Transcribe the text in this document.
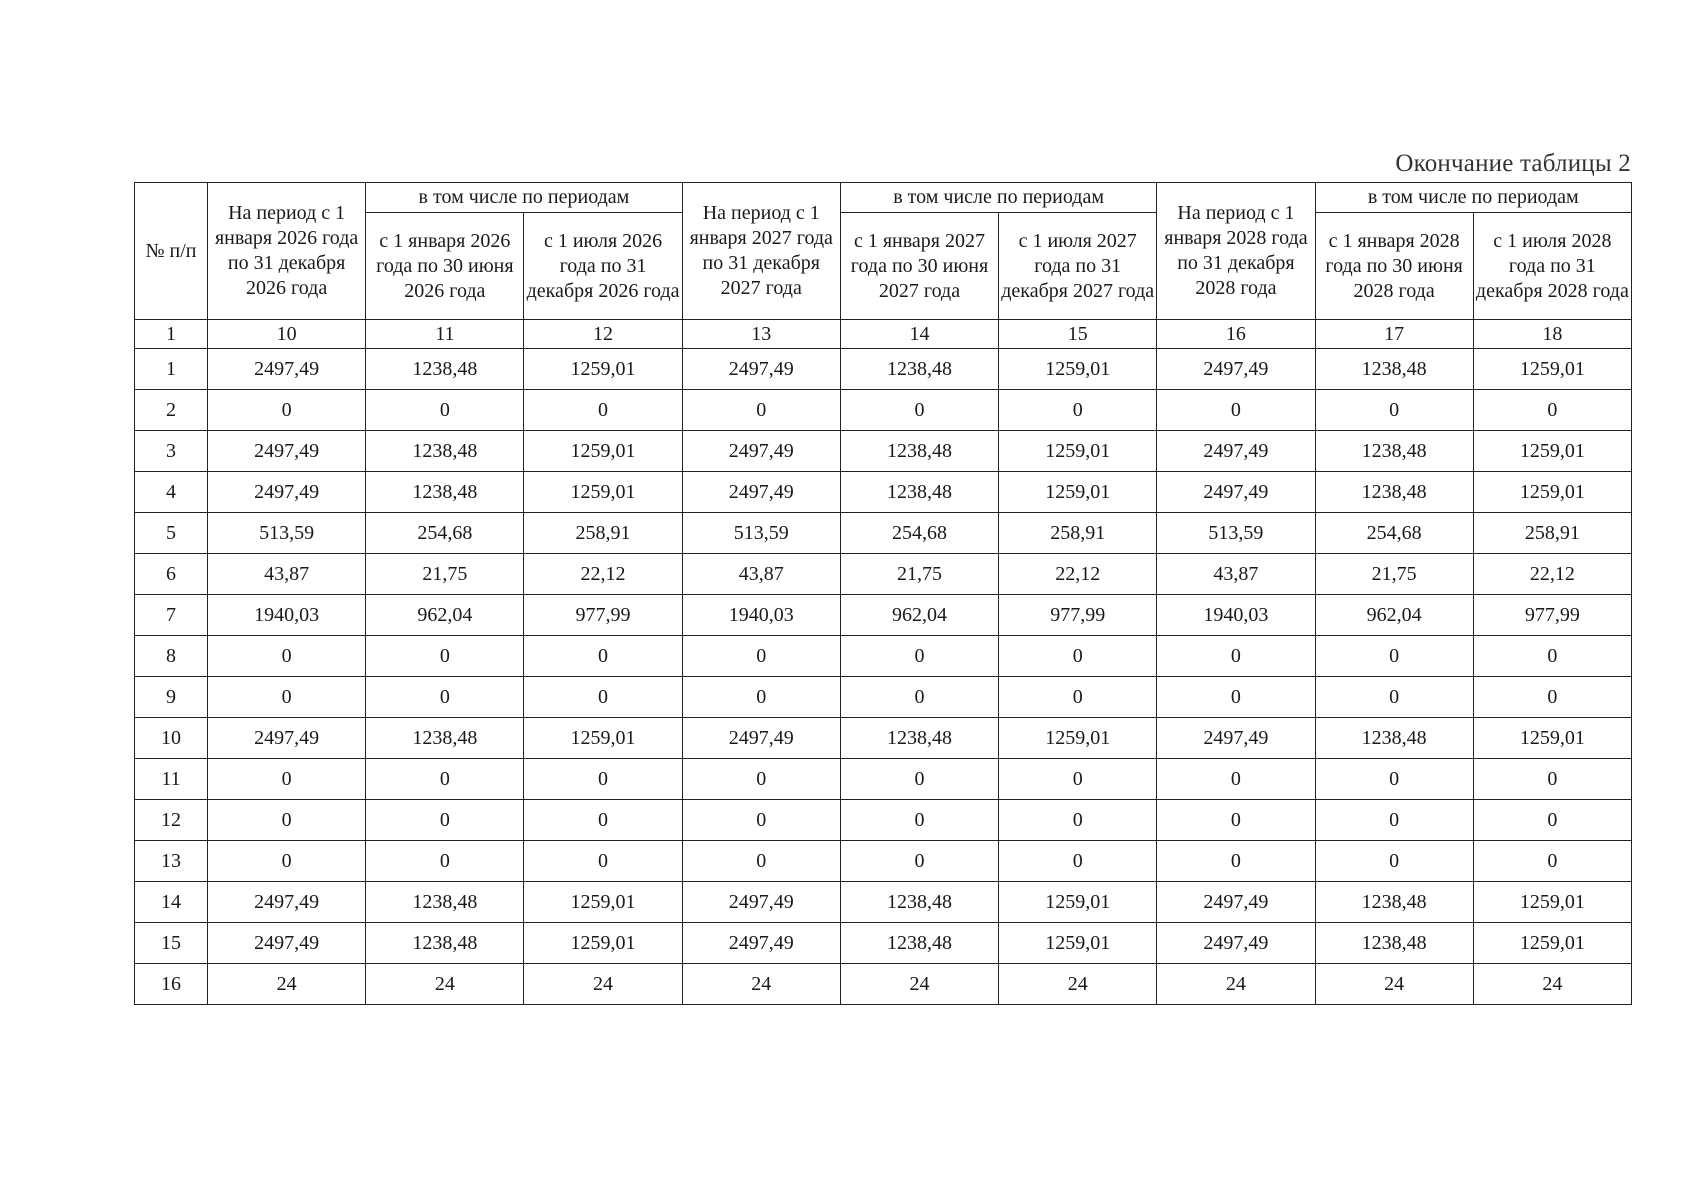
Окончание таблицы 2
№ п/п	На период с 1 января 2026 года по 31 декабря 2026 года	в том числе по периодам		На период с 1 января 2027 года по 31 декабря 2027 года	в том числе по периодам		На период с 1 января 2028 года по 31 декабря 2028 года	в том числе по периодам	
		с 1 января 2026 года по 30 июня 2026 года	с 1 июля 2026 года по 31 декабря 2026 года		с 1 января 2027 года по 30 июня 2027 года	с 1 июля 2027 года по 31 декабря 2027 года		с 1 января 2028 года по 30 июня 2028 года	с 1 июля 2028 года по 31 декабря 2028 года
1	10	11	12	13	14	15	16	17	18
1	2497,49	1238,48	1259,01	2497,49	1238,48	1259,01	2497,49	1238,48	1259,01
2	0	0	0	0	0	0	0	0	0
3	2497,49	1238,48	1259,01	2497,49	1238,48	1259,01	2497,49	1238,48	1259,01
4	2497,49	1238,48	1259,01	2497,49	1238,48	1259,01	2497,49	1238,48	1259,01
5	513,59	254,68	258,91	513,59	254,68	258,91	513,59	254,68	258,91
6	43,87	21,75	22,12	43,87	21,75	22,12	43,87	21,75	22,12
7	1940,03	962,04	977,99	1940,03	962,04	977,99	1940,03	962,04	977,99
8	0	0	0	0	0	0	0	0	0
9	0	0	0	0	0	0	0	0	0
10	2497,49	1238,48	1259,01	2497,49	1238,48	1259,01	2497,49	1238,48	1259,01
11	0	0	0	0	0	0	0	0	0
12	0	0	0	0	0	0	0	0	0
13	0	0	0	0	0	0	0	0	0
14	2497,49	1238,48	1259,01	2497,49	1238,48	1259,01	2497,49	1238,48	1259,01
15	2497,49	1238,48	1259,01	2497,49	1238,48	1259,01	2497,49	1238,48	1259,01
16	24	24	24	24	24	24	24	24	24
